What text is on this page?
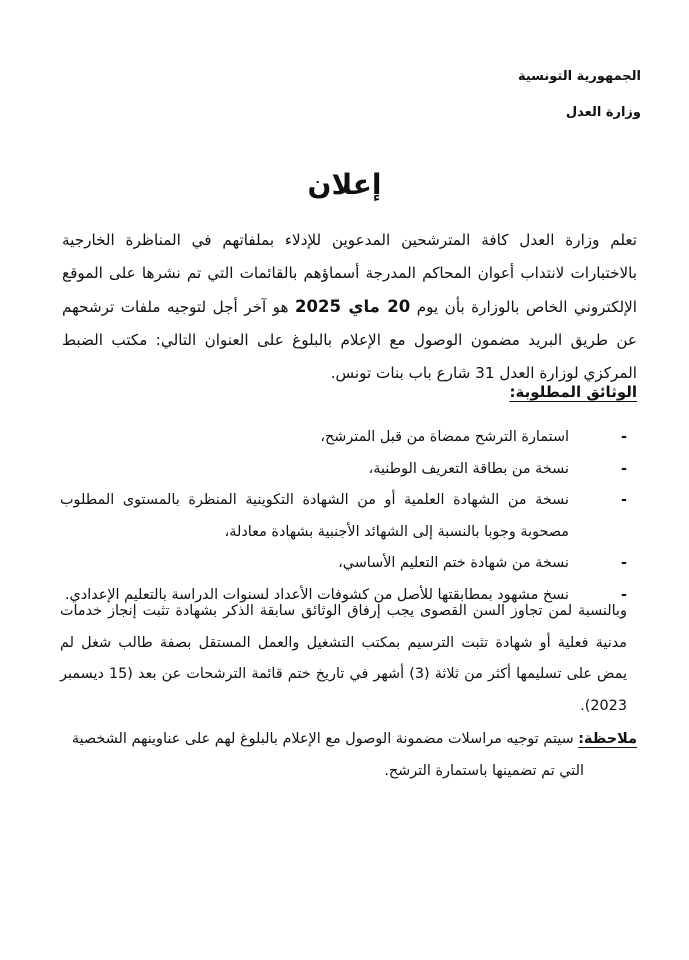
الجمهورية التونسية
وزارة العدل
إعلان
تعلم وزارة العدل كافة المترشحين المدعوين للإدلاء بملفاتهم في المناظرة الخارجية بالاختبارات لانتداب أعوان المحاكم المدرجة أسماؤهم بالقائمات التي تم نشرها على الموقع الإلكتروني الخاص بالوزارة بأن يوم 20 ماي 2025 هو آخر أجل لتوجيه ملفات ترشحهم عن طريق البريد مضمون الوصول مع الإعلام بالبلوغ على العنوان التالي: مكتب الضبط المركزي لوزارة العدل 31 شارع باب بنات تونس.
الوثائق المطلوبة:
-
استمارة الترشح ممضاة من قبل المترشح،
-
نسخة من بطاقة التعريف الوطنية،
-
نسخة من الشهادة العلمية أو من الشهادة التكوينية المنظرة بالمستوى المطلوب مصحوبة وجوبا بالنسبة إلى الشهائد الأجنبية بشهادة معادلة،
-
نسخة من شهادة ختم التعليم الأساسي،
-
نسخ مشهود بمطابقتها للأصل من كشوفات الأعداد لسنوات الدراسة بالتعليم الإعدادي.
وبالنسبة لمن تجاوز السن القصوى يجب إرفاق الوثائق سابقة الذكر بشهادة تثبت إنجاز خدمات مدنية فعلية أو شهادة تثبت الترسيم بمكتب التشغيل والعمل المستقل بصفة طالب شغل لم يمض على تسليمها أكثر من ثلاثة (3) أشهر في تاريخ ختم قائمة الترشحات عن بعد (15 ديسمبر 2023).
ملاحظة: سيتم توجيه مراسلات مضمونة الوصول مع الإعلام بالبلوغ لهم على عناوينهم الشخصية
التي تم تضمينها باستمارة الترشح.
